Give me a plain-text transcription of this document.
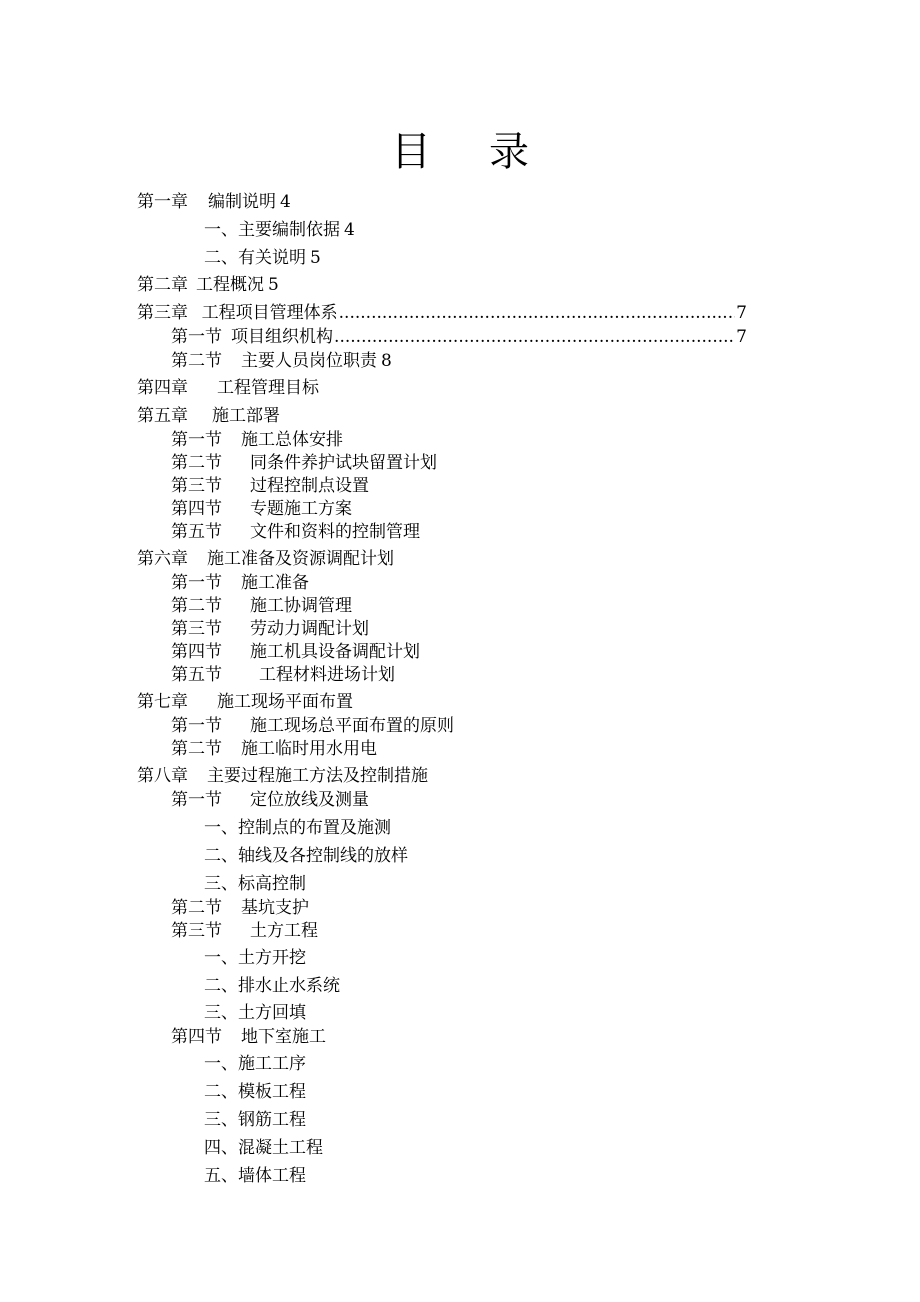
目 录
第一章 编制说明 4
一、主要编制依据 4
二、有关说明 5
第二章 工程概况 5
第三章 工程项目管理体系 .....	7
第一节 项目组织机构 .....	7
第二节 主要人员岗位职责 8
第四章 工程管理目标
第五章 施工部署
第一节 施工总体安排
第二节 同条件养护试块留置计划
第三节 过程控制点设置
第四节 专题施工方案
第五节 文件和资料的控制管理
第六章 施工准备及资源调配计划
第一节 施工准备
第二节 施工协调管理
第三节 劳动力调配计划
第四节 施工机具设备调配计划
第五节 工程材料进场计划
第七章 施工现场平面布置
第一节 施工现场总平面布置的原则
第二节 施工临时用水用电
第八章 主要过程施工方法及控制措施
第一节 定位放线及测量
一、控制点的布置及施测
二、轴线及各控制线的放样
三、标高控制
第二节 基坑支护
第三节 土方工程
一、土方开挖
二、排水止水系统
三、土方回填
第四节 地下室施工
一、施工工序
二、模板工程
三、钢筋工程
四、混凝土工程
五、墙体工程
